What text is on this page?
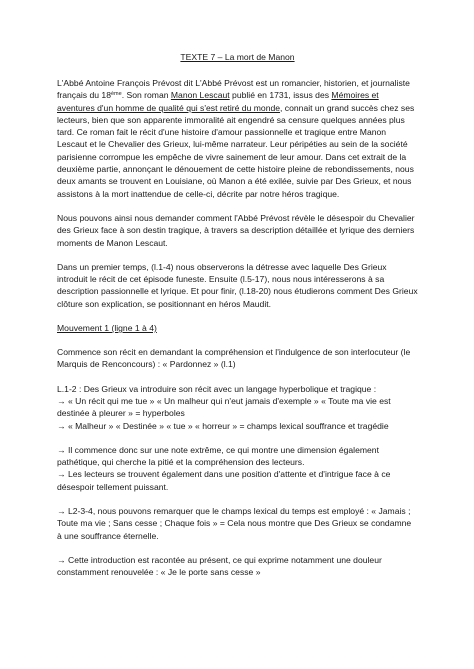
TEXTE 7 – La mort de Manon

L'Abbé Antoine François Prévost dit L'Abbé Prévost est un romancier, historien, et journaliste français du 18ème. Son roman Manon Lescaut publié en 1731, issus des Mémoires et aventures d'un homme de qualité qui s'est retiré du monde, connait un grand succès chez ses lecteurs, bien que son apparente immoralité ait engendré sa censure quelques années plus tard. Ce roman fait le récit d'une histoire d'amour passionnelle et tragique entre Manon Lescaut et le Chevalier des Grieux, lui-même narrateur. Leur péripéties au sein de la société parisienne corrompue les empêche de vivre sainement de leur amour. Dans cet extrait de la deuxième partie, annonçant le dénouement de cette histoire pleine de rebondissements, nous deux amants se trouvent en Louisiane, où Manon a été exilée, suivie par Des Grieux, et nous assistons à la mort inattendue de celle-ci, décrite par notre héros tragique.

Nous pouvons ainsi nous demander comment l'Abbé Prévost révèle le désespoir du Chevalier des Grieux face à son destin tragique, à travers sa description détaillée et lyrique des derniers moments de Manon Lescaut.

Dans un premier temps, (l.1-4) nous observerons la détresse avec laquelle Des Grieux introduit le récit de cet épisode funeste. Ensuite (l.5-17), nous nous intéresserons à sa description passionnelle et lyrique. Et pour finir, (l.18-20) nous étudierons comment Des Grieux clôture son explication, se positionnant en héros Maudit.

Mouvement 1 (ligne 1 à 4)

Commence son récit en demandant la compréhension et l'indulgence de son interlocuteur (le Marquis de Renconcours) : « Pardonnez » (l.1)

L.1-2 : Des Grieux va introduire son récit avec un langage hyperbolique et tragique :
→ « Un récit qui me tue » « Un malheur qui n'eut jamais d'exemple » « Toute ma vie est destinée à pleurer » = hyperboles
→ « Malheur » « Destinée » « tue » « horreur » = champs lexical souffrance et tragédie

→ Il commence donc sur une note extrême, ce qui montre une dimension également pathétique, qui cherche la pitié et la compréhension des lecteurs.
→ Les lecteurs se trouvent également dans une position d'attente et d'intrigue face à ce désespoir tellement puissant.

→ L2-3-4, nous pouvons remarquer que le champs lexical du temps est employé : « Jamais ; Toute ma vie ; Sans cesse ; Chaque fois » = Cela nous montre que Des Grieux se condamne à une souffrance éternelle.

→ Cette introduction est racontée au présent, ce qui exprime notamment une douleur constamment renouvelée : « Je le porte sans cesse »
